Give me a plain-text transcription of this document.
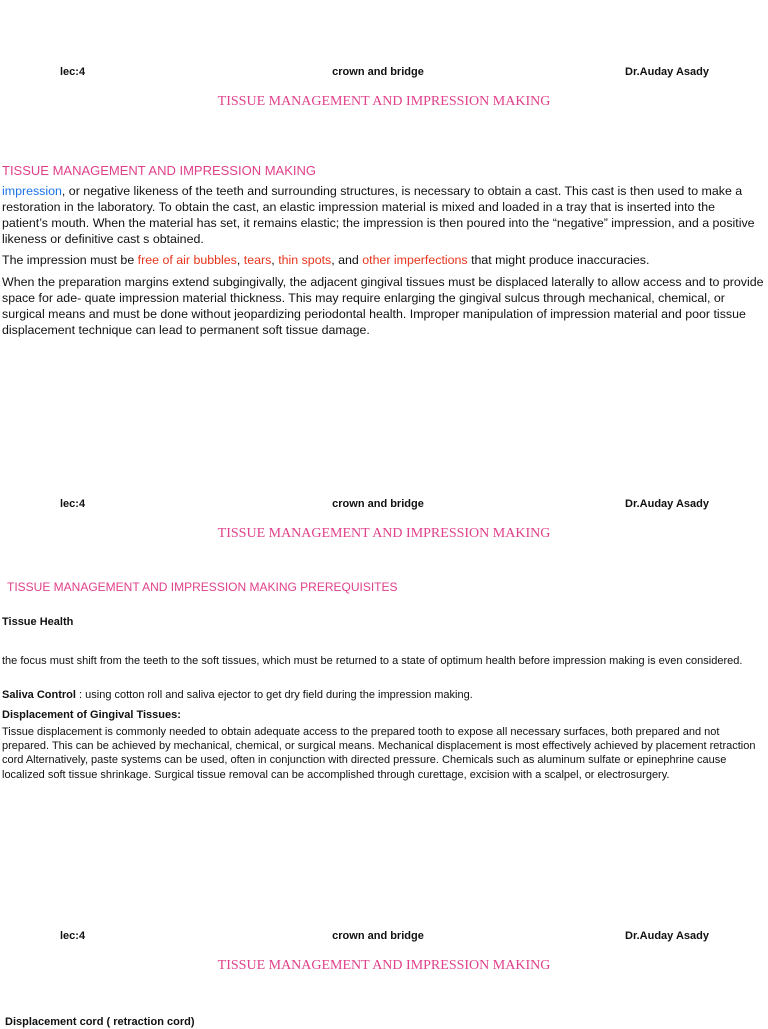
lec:4	crown and bridge	Dr.Auday Asady
TISSUE MANAGEMENT AND IMPRESSION MAKING
TISSUE MANAGEMENT AND IMPRESSION MAKING

impression, or negative likeness of the teeth and surrounding structures, is necessary to obtain a cast. This cast is then used to make a restoration in the laboratory. To obtain the cast, an elastic impression material is mixed and loaded in a tray that is inserted into the patient’s mouth. When the material has set, it remains elastic; the impression is then poured into the “negative” impression, and a positive likeness or definitive cast s obtained.

The impression must be free of air bubbles, tears, thin spots, and other imperfections that might produce inaccuracies.

When the preparation margins extend subgingivally, the adjacent gingival tissues must be displaced laterally to allow access and to provide space for ade- quate impression material thickness. This may require enlarging the gingival sulcus through mechanical, chemical, or surgical means and must be done without jeopardizing periodontal health. Improper manipulation of impression material and poor tissue displacement technique can lead to permanent soft tissue damage.

lec:4	crown and bridge	Dr.Auday Asady
TISSUE MANAGEMENT AND IMPRESSION MAKING
TISSUE MANAGEMENT AND IMPRESSION MAKING PREREQUISITES
Tissue Health

the focus must shift from the teeth to the soft tissues, which must be returned to a state of optimum health before impression making is even considered.

Saliva Control : using cotton roll and saliva ejector to get dry field during the impression making.

Displacement of Gingival Tissues:

Tissue displacement is commonly needed to obtain adequate access to the prepared tooth to expose all necessary surfaces, both prepared and not prepared. This can be achieved by mechanical, chemical, or surgical means. Mechanical displacement is most effectively achieved by placement retraction cord Alternatively, paste systems can be used, often in conjunction with directed pressure. Chemicals such as aluminum sulfate or epinephrine cause localized soft tissue shrinkage. Surgical tissue removal can be accomplished through curettage, excision with a scalpel, or electrosurgery.

lec:4	crown and bridge	Dr.Auday Asady
TISSUE MANAGEMENT AND IMPRESSION MAKING
Displacement cord ( retraction cord)
